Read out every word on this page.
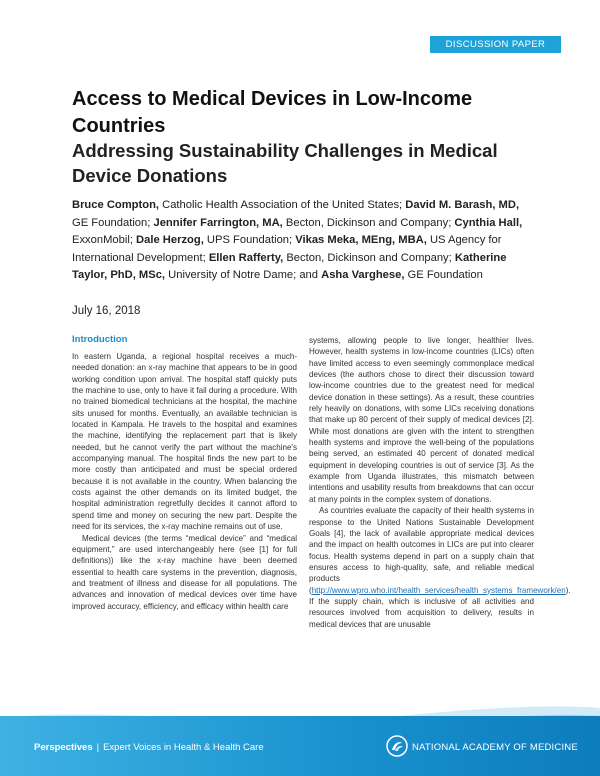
DISCUSSION PAPER
Access to Medical Devices in Low-Income Countries
Addressing Sustainability Challenges in Medical Device Donations
Bruce Compton, Catholic Health Association of the United States; David M. Barash, MD, GE Foundation; Jennifer Farrington, MA, Becton, Dickinson and Company; Cynthia Hall, ExxonMobil; Dale Herzog, UPS Foundation; Vikas Meka, MEng, MBA, US Agency for International Development; Ellen Rafferty, Becton, Dickinson and Company; Katherine Taylor, PhD, MSc, University of Notre Dame; and Asha Varghese, GE Foundation
July 16, 2018
Introduction

In eastern Uganda, a regional hospital receives a much-needed donation: an x-ray machine that appears to be in good working condition upon arrival. The hospital staff quickly puts the machine to use, only to have it fail during a procedure. With no trained biomedical technicians at the hospital, the machine sits unused for months. Eventually, an available technician is located in Kampala. He travels to the hospital and examines the machine, identifying the replacement part that is likely needed, but he cannot verify the part without the machine's accompanying manual. The hospital finds the new part to be more costly than anticipated and must be special ordered because it is not available in the country. When balancing the costs against the other demands on its limited budget, the hospital administration regretfully decides it cannot afford to spend time and money on securing the new part. Despite the need for its services, the x-ray machine remains out of use.

Medical devices (the terms “medical device” and “medical equipment,” are used interchangeably here (see [1] for full definitions)) like the x-ray machine have been deemed essential to health care systems in the prevention, diagnosis, and treatment of illness and disease for all populations. The advances and innovation of medical devices over time have improved accuracy, efficiency, and efficacy within health care

systems, allowing people to live longer, healthier lives. However, health systems in low-income countries (LICs) often have limited access to even seemingly commonplace medical devices (the authors chose to direct their discussion toward low-income countries due to the greatest need for medical device donation in these settings). As a result, these countries rely heavily on donations, with some LICs receiving donations that make up 80 percent of their supply of medical devices [2]. While most donations are given with the intent to strengthen health systems and improve the well-being of the populations being served, an estimated 40 percent of donated medical equipment in developing countries is out of service [3]. As the example from Uganda illustrates, this mismatch between intentions and usability results from breakdowns that can occur at many points in the complex system of donations.

As countries evaluate the capacity of their health systems in response to the United Nations Sustainable Development Goals [4], the lack of available appropriate medical devices and the impact on health outcomes in LICs are put into clearer focus. Health systems depend in part on a supply chain that ensures access to high-quality, safe, and reliable medical products (http://www.wpro.who.int/health_services/health_systems_framework/en). If the supply chain, which is inclusive of all activities and resources involved from acquisition to delivery, results in medical devices that are unusable

Perspectives | Expert Voices in Health & Health Care	NATIONAL ACADEMY OF MEDICINE
